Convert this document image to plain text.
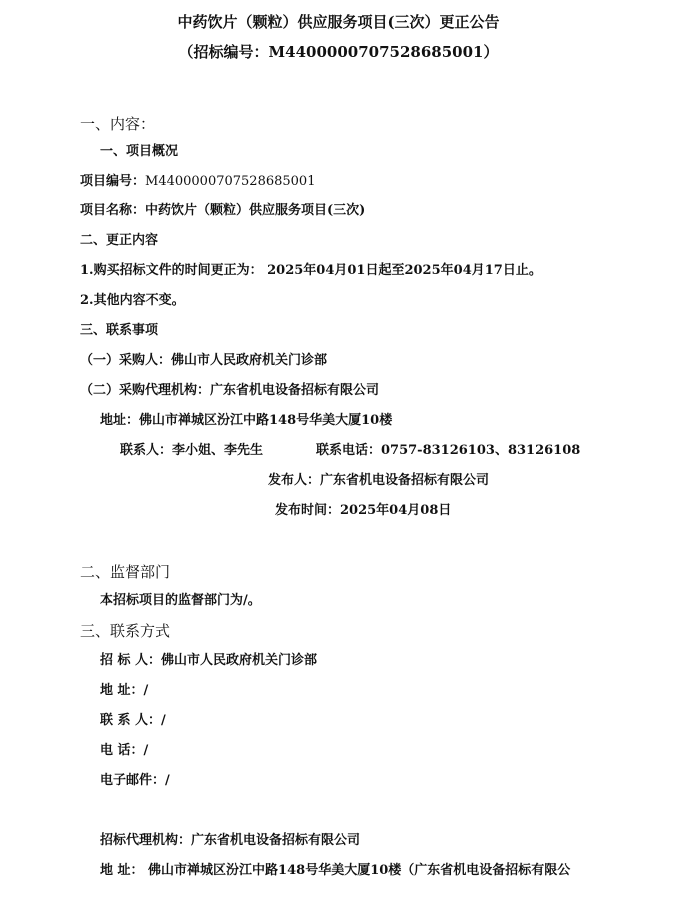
中药饮片（颗粒）供应服务项目(三次）更正公告
（招标编号：M4400000707528685001）
一、内容：
一、项目概况
项目编号：M4400000707528685001
项目名称：中药饮片（颗粒）供应服务项目(三次)
二、更正内容
1.购买招标文件的时间更正为： 2025年04月01日起至2025年04月17日止。
2.其他内容不变。
三、联系事项
（一）采购人：佛山市人民政府机关门诊部
（二）采购代理机构：广东省机电设备招标有限公司
地址：佛山市禅城区汾江中路148号华美大厦10楼
联系人：李小姐、李先生	联系电话：0757-83126103、83126108
发布人：广东省机电设备招标有限公司
发布时间：2025年04月08日
二、监督部门
本招标项目的监督部门为/。
三、联系方式
招 标 人：佛山市人民政府机关门诊部
地 址：/
联 系 人：/
电 话：/
电子邮件：/
招标代理机构：广东省机电设备招标有限公司
地 址： 佛山市禅城区汾江中路148号华美大厦10楼（广东省机电设备招标有限公
